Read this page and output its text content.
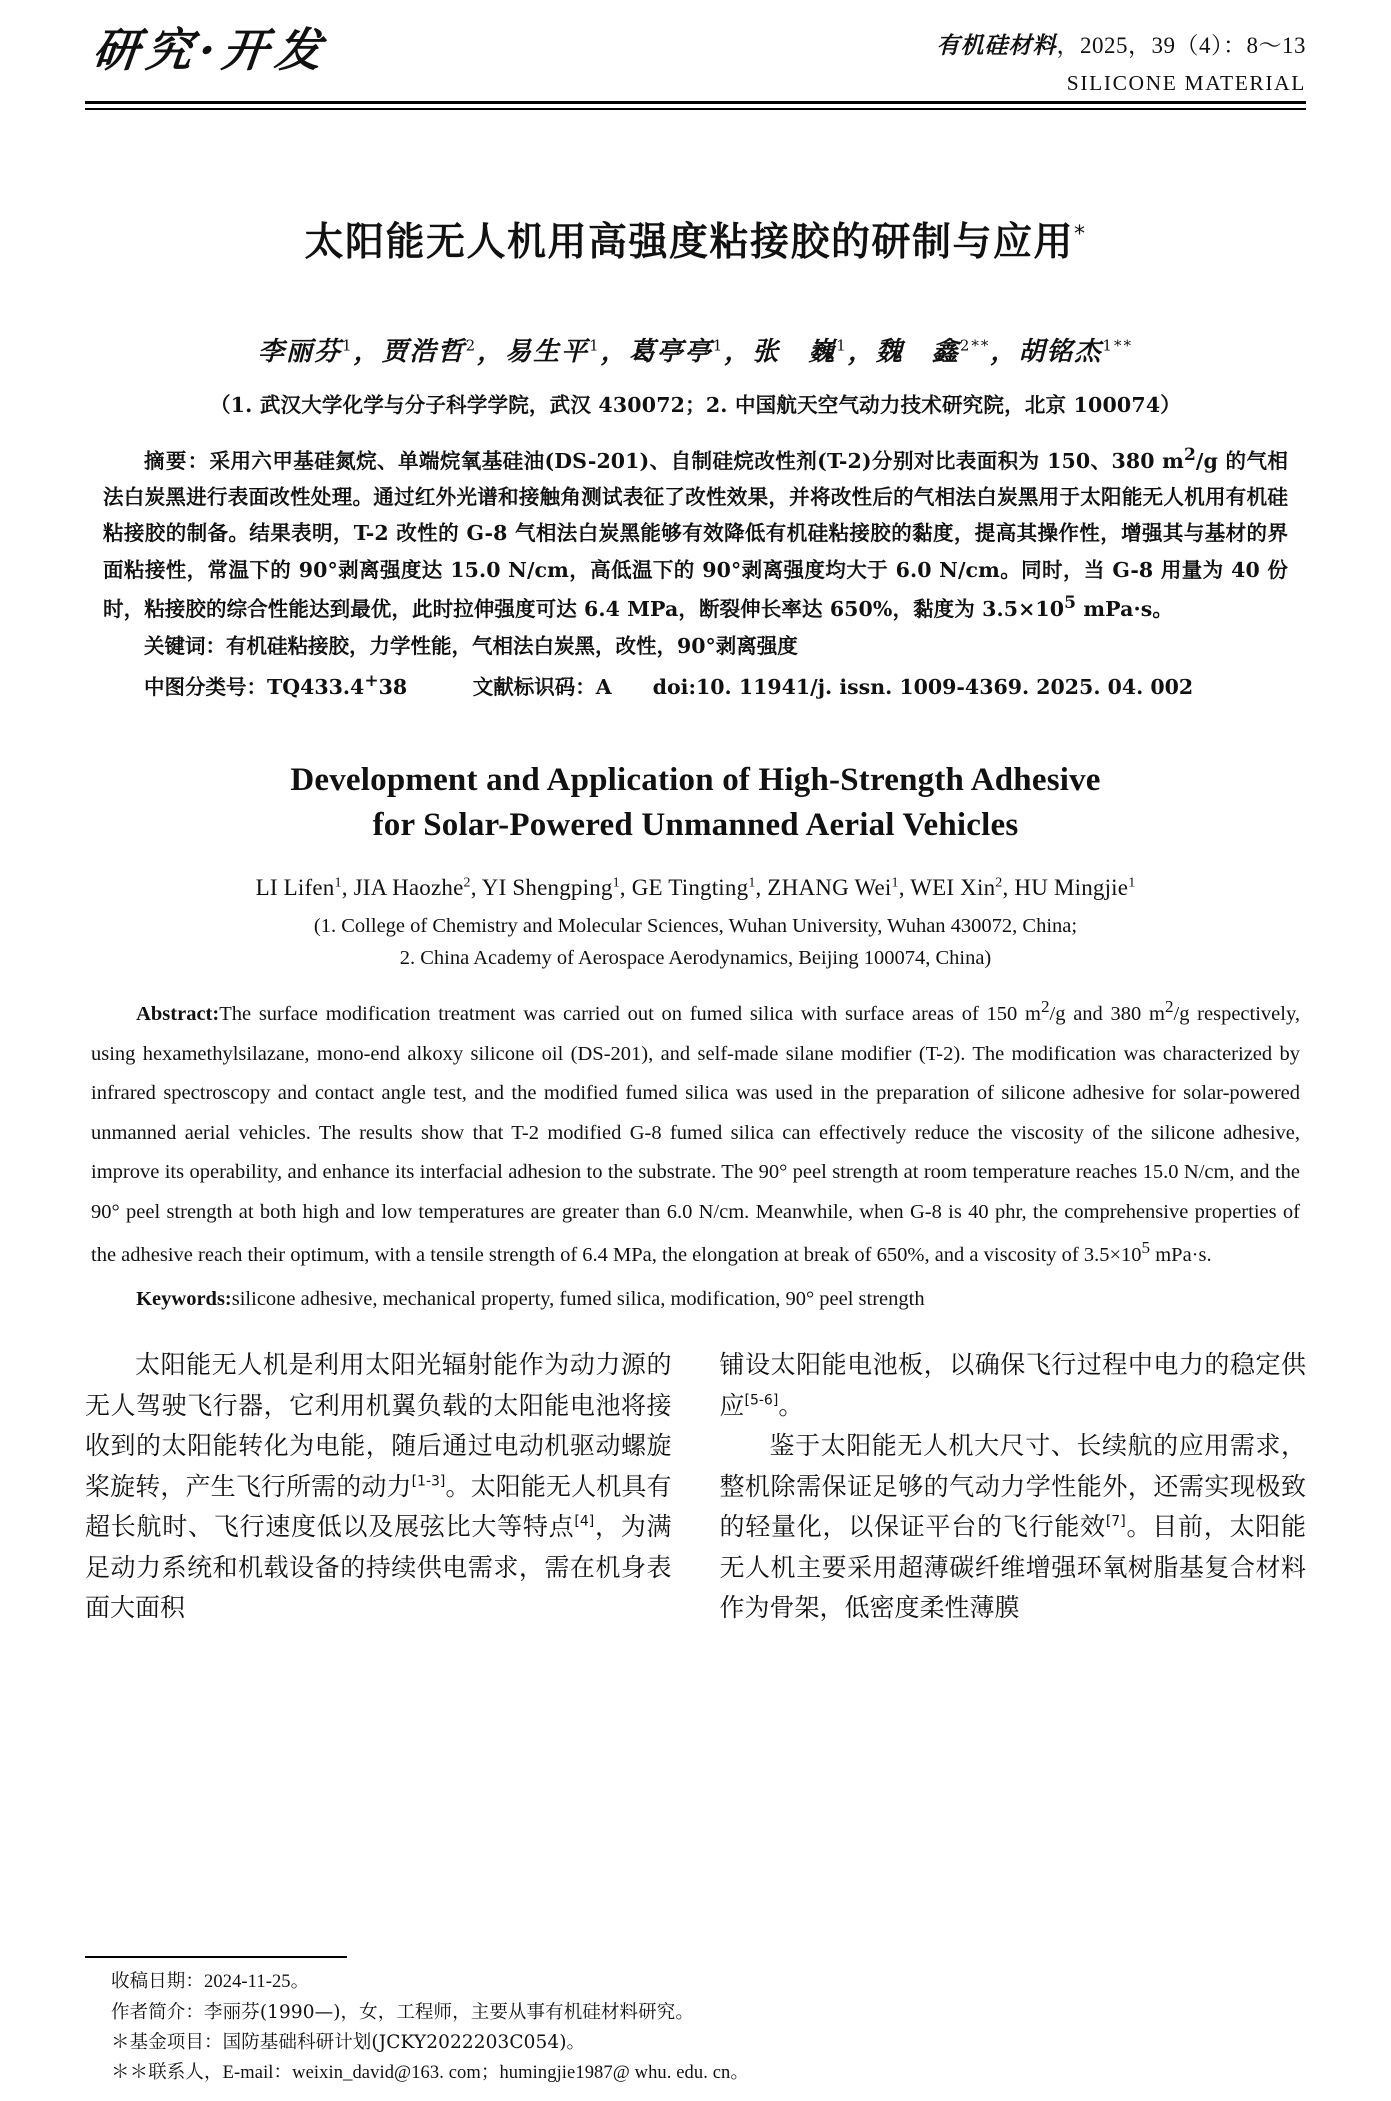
研究·开发	有机硅材料，2025，39（4）：8～13
SILICONE MATERIAL
太阳能无人机用高强度粘接胶的研制与应用*
李丽芬$^1$，贾浩哲$^2$，易生平$^1$，葛亭亭$^1$，张　巍$^1$，魏　鑫$^{2**}$，胡铭杰$^{1**}$
（1. 武汉大学化学与分子科学学院，武汉 430072；2. 中国航天空气动力技术研究院，北京 100074）

摘要：采用六甲基硅氮烷、单端烷氧基硅油(DS-201)、自制硅烷改性剂(T-2)分别对比表面积为 150、380 $m^2/g$ 的气相法白炭黑进行表面改性处理。通过红外光谱和接触角测试表征了改性效果，并将改性后的气相法白炭黑用于太阳能无人机用有机硅粘接胶的制备。结果表明，T-2 改性的 G-8 气相法白炭黑能够有效降低有机硅粘接胶的黏度，提高其操作性，增强其与基材的界面粘接性，常温下的 90°剥离强度达 15.0 N/cm，高低温下的 90°剥离强度均大于 6.0 N/cm。同时，当 G-8 用量为 40 份时，粘接胶的综合性能达到最优，此时拉伸强度可达 6.4 MPa，断裂伸长率达 650%，黏度为 $3.5\times 10^5$ mPa·s。

关键词：有机硅粘接胶，力学性能，气相法白炭黑，改性，90°剥离强度
中图分类号：TQ433.4+38	文献标识码：A doi:10. 11941/j. issn. 1009-4369. 2025. 04. 002
Development and Application of High-Strength Adhesive
for Solar-Powered Unmanned Aerial Vehicles
LI Lifen$^1$, JIA Haozhe$^2$, YI Shengping$^1$, GE Tingting$^1$, ZHANG Wei$^1$, WEI Xin$^2$, HU Mingjie$^1$
(1. College of Chemistry and Molecular Sciences, Wuhan University, Wuhan 430072, China;
2. China Academy of Aerospace Aerodynamics, Beijing 100074, China)

Abstract:The surface modification treatment was carried out on fumed silica with surface areas of 150 $m^2/g$ and 380 $m^2/g$ respectively, using hexamethylsilazane, mono-end alkoxy silicone oil (DS-201), and self-made silane modifier (T-2). The modification was characterized by infrared spectroscopy and contact angle test, and the modified fumed silica was used in the preparation of silicone adhesive for solar-powered unmanned aerial vehicles. The results show that T-2 modified G-8 fumed silica can effectively reduce the viscosity of the silicone adhesive, improve its operability, and enhance its interfacial adhesion to the substrate. The 90° peel strength at room temperature reaches 15.0 N/cm, and the 90° peel strength at both high and low temperatures are greater than 6.0 N/cm. Meanwhile, when G-8 is 40 phr, the comprehensive properties of the adhesive reach their optimum, with a tensile strength of 6.4 MPa, the elongation at break of 650%, and a viscosity of $3.5\times 10^5$ mPa·s.

Keywords:silicone adhesive, mechanical property, fumed silica, modification, 90° peel strength

太阳能无人机是利用太阳光辐射能作为动力源的无人驾驶飞行器，它利用机翼负载的太阳能电池将接收到的太阳能转化为电能，随后通过电动机驱动螺旋桨旋转，产生飞行所需的动力[1-3]。太阳能无人机具有超长航时、飞行速度低以及展弦比大等特点[4]，为满足动力系统和机载设备的持续供电需求，需在机身表面大面积

铺设太阳能电池板，以确保飞行过程中电力的稳定供应[5-6]。

鉴于太阳能无人机大尺寸、长续航的应用需求，整机除需保证足够的气动力学性能外，还需实现极致的轻量化，以保证平台的飞行能效[7]。目前，太阳能无人机主要采用超薄碳纤维增强环氧树脂基复合材料作为骨架，低密度柔性薄膜

收稿日期：2024-11-25。
作者简介：李丽芬(1990—)，女，工程师，主要从事有机硅材料研究。
＊基金项目：国防基础科研计划(JCKY2022203C054)。
＊＊联系人，E-mail：weixin_david@163. com；humingjie1987@ whu. edu. cn。
